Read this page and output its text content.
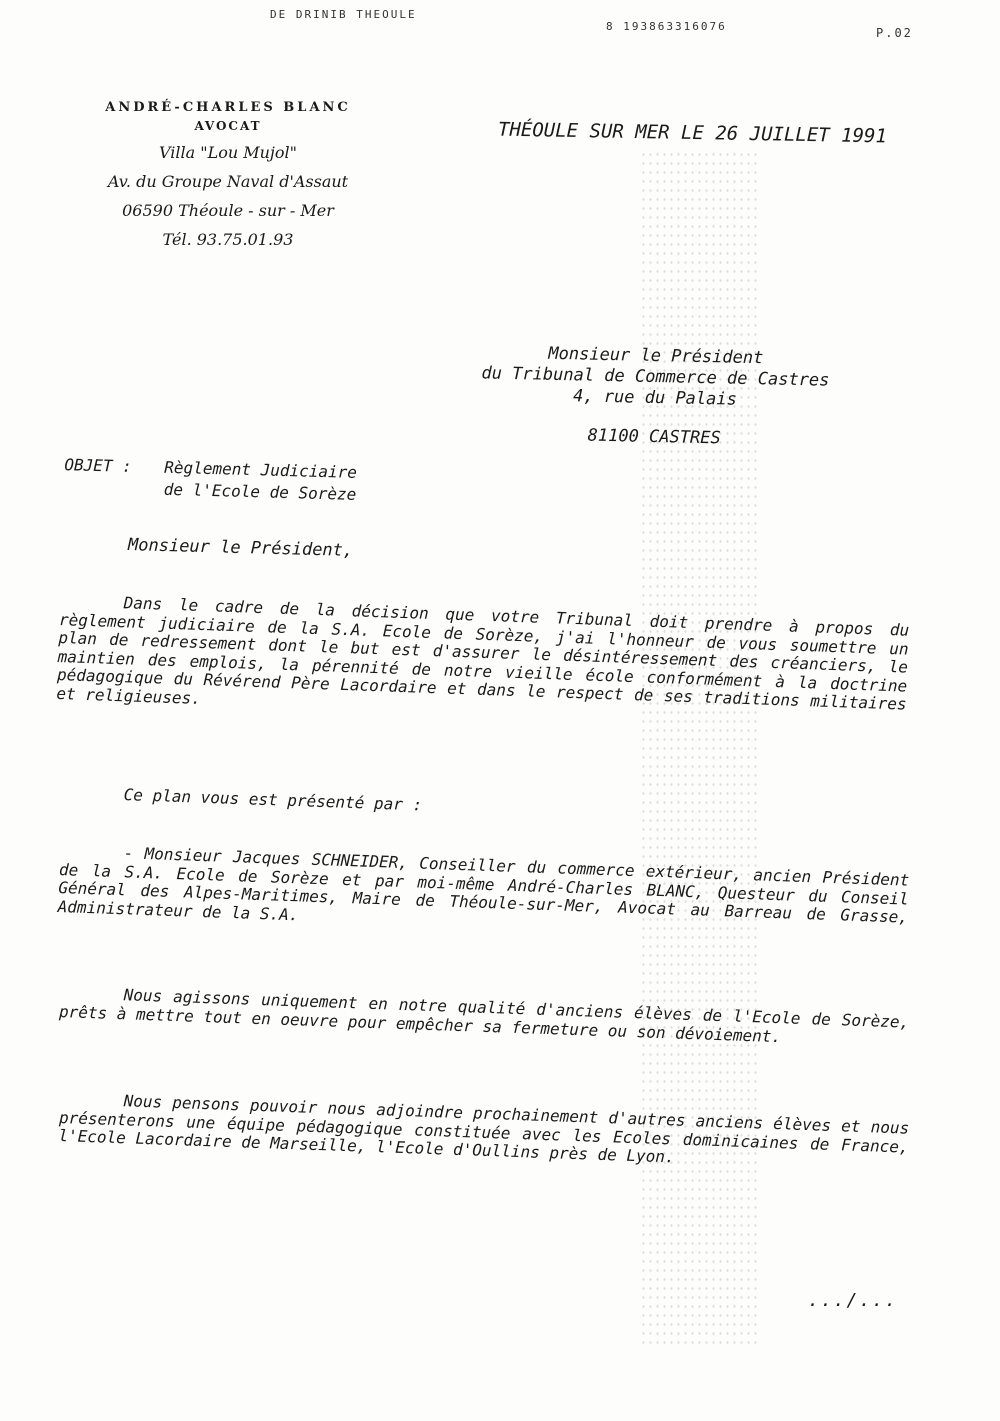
DE DRINIB THEOULE
8 193863316076	P.02
ANDRÉ-CHARLES BLANC
AVOCAT
Villa "Lou Mujol"
Av. du Groupe Naval d'Assaut
06590 Théoule - sur - Mer
Tél. 93.75.01.93
THÉOULE SUR MER LE 26 JUILLET 1991
Monsieur le Président
du Tribunal de Commerce de Castres
4, rue du Palais
81100 CASTRES
OBJET : Règlement Judiciaire
de l'Ecole de Sorèze
Monsieur le Président,
Dans le cadre de la décision que votre Tribunal doit prendre à propos du règlement judiciaire de la S.A. Ecole de Sorèze, j'ai l'honneur de vous soumettre un plan de redressement dont le but est d'assurer le désintéressement des créanciers, le maintien des emplois, la pérennité de notre vieille école conformément à la doctrine pédagogique du Révérend Père Lacordaire et dans le respect de ses traditions militaires et religieuses.
Ce plan vous est présenté par :
- Monsieur Jacques SCHNEIDER, Conseiller du commerce extérieur, ancien Président de la S.A. Ecole de Sorèze et par moi-même André-Charles BLANC, Questeur du Conseil Général des Alpes-Maritimes, Maire de Théoule-sur-Mer, Avocat au Barreau de Grasse, Administrateur de la S.A.
Nous agissons uniquement en notre qualité d'anciens élèves de l'Ecole de Sorèze, prêts à mettre tout en oeuvre pour empêcher sa fermeture ou son dévoiement.
Nous pensons pouvoir nous adjoindre prochainement d'autres anciens élèves et nous présenterons une équipe pédagogique constituée avec les Ecoles dominicaines de France, l'Ecole Lacordaire de Marseille, l'Ecole d'Oullins près de Lyon.
.../...
